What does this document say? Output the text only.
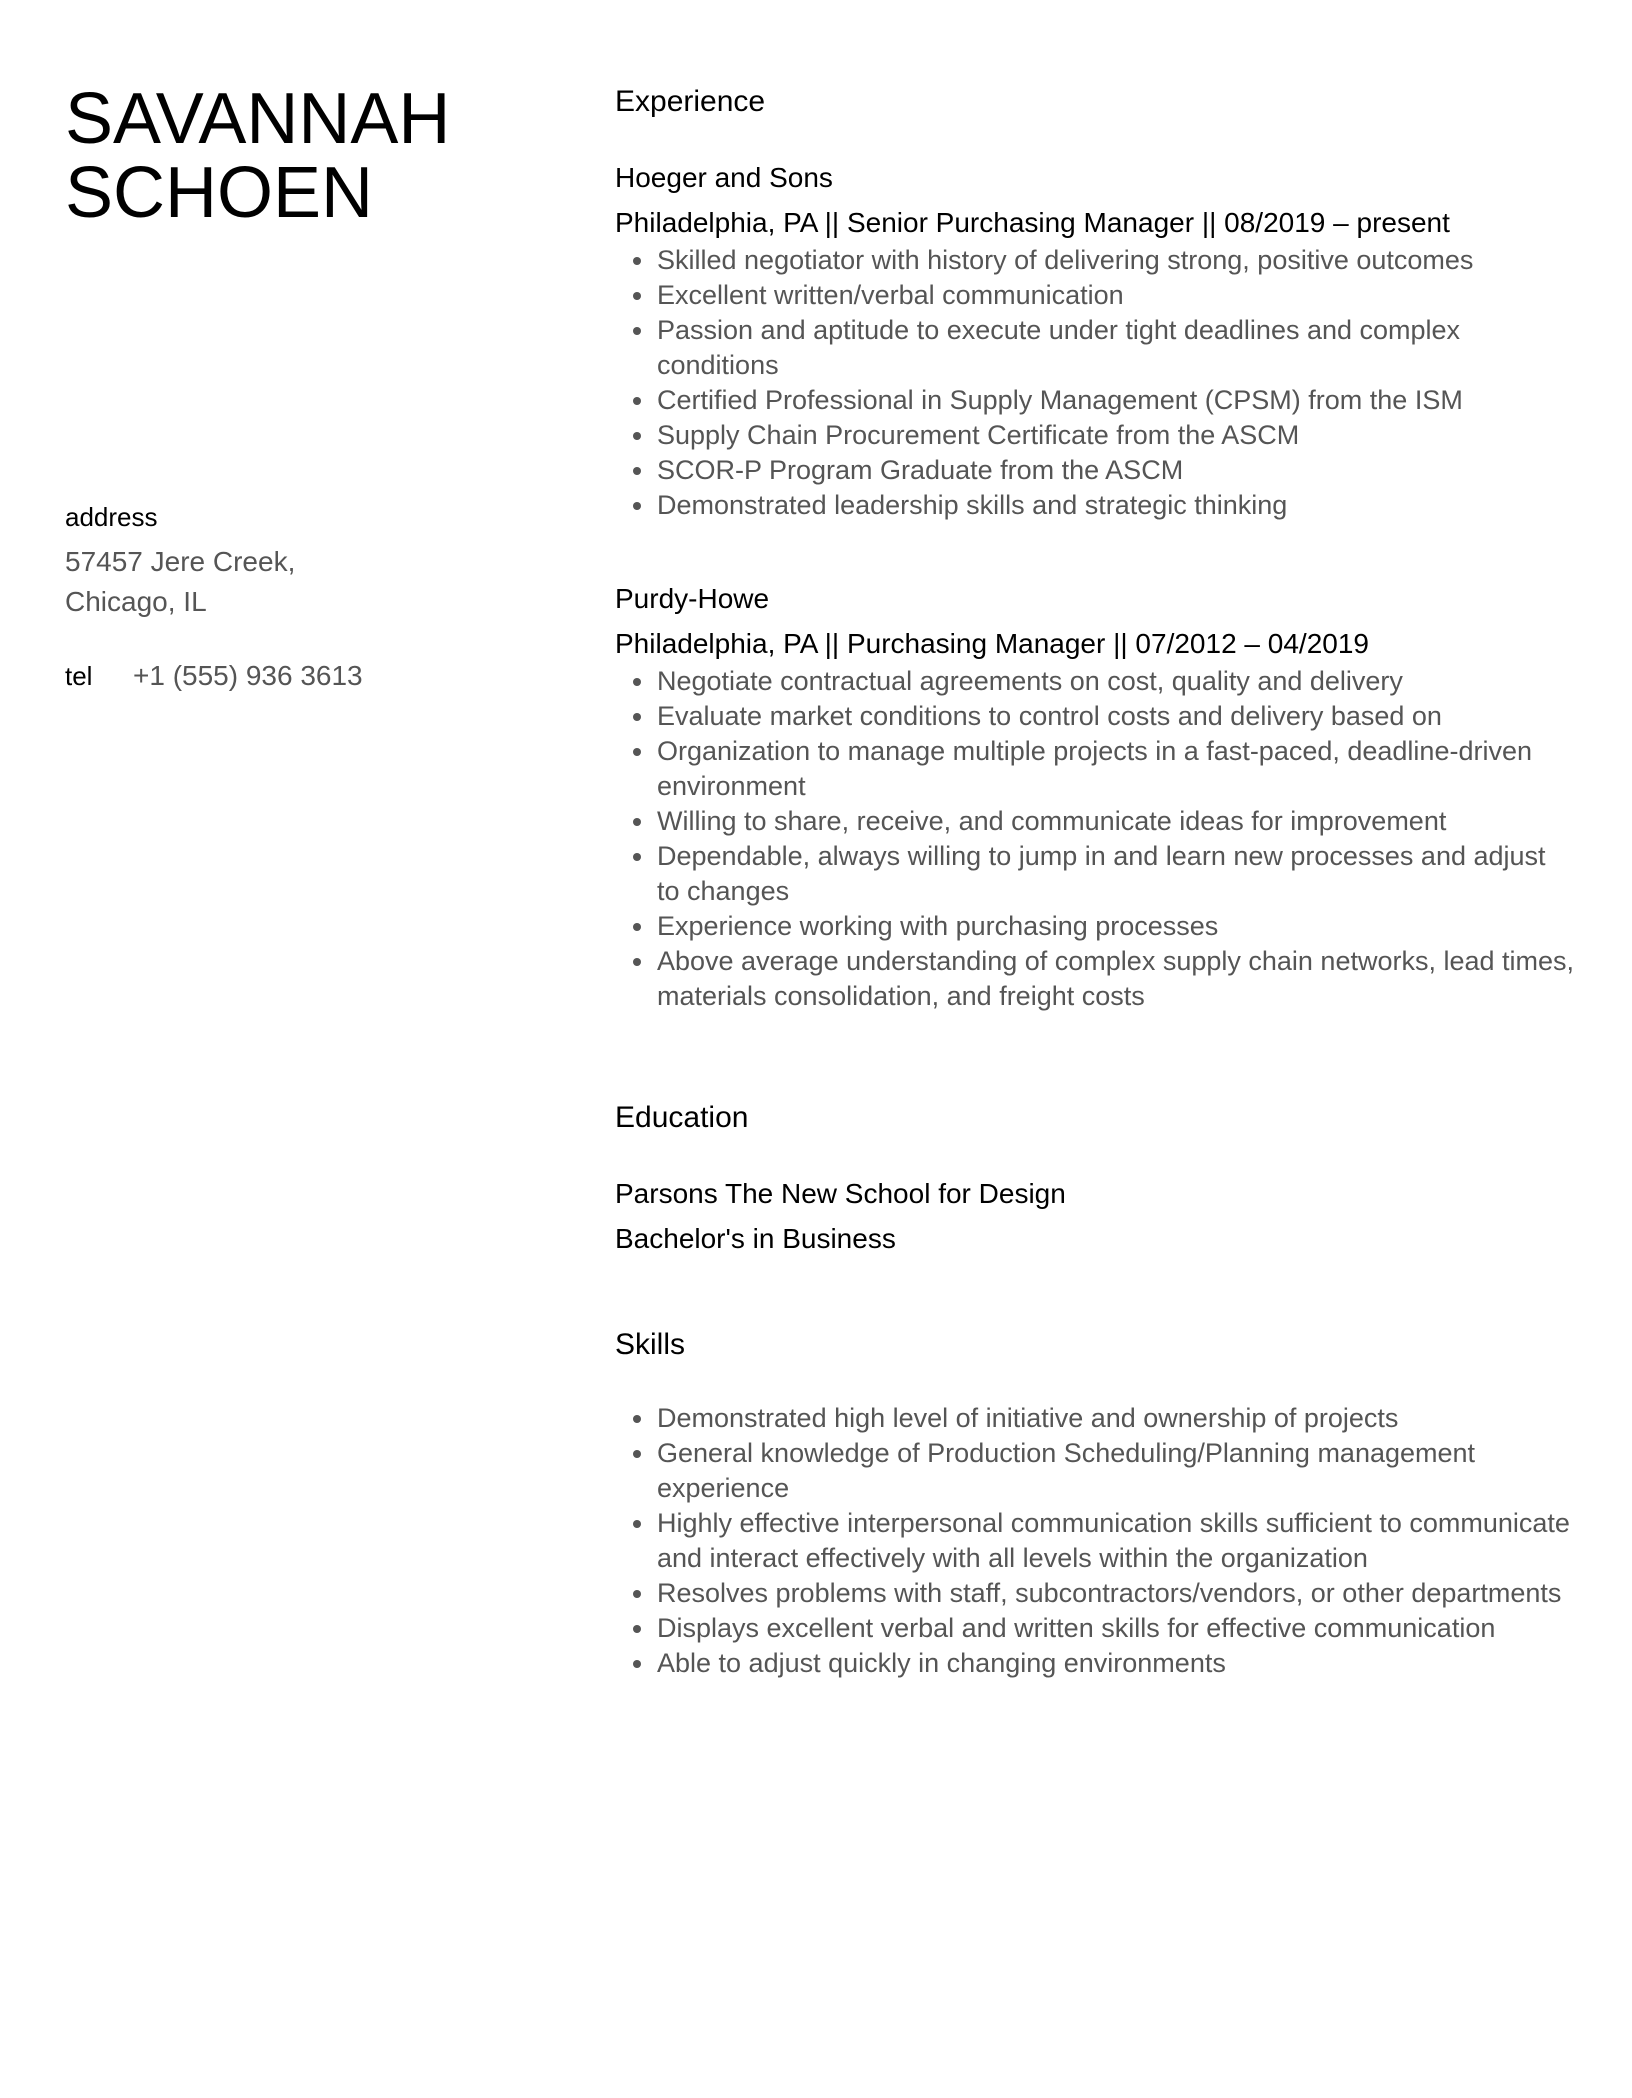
SAVANNAH
SCHOEN
address
57457 Jere Creek,
Chicago, IL
tel	+1 (555) 936 3613
Experience
Hoeger and Sons
Philadelphia, PA || Senior Purchasing Manager || 08/2019 – present
Skilled negotiator with history of delivering strong, positive outcomes
Excellent written/verbal communication
Passion and aptitude to execute under tight deadlines and complex conditions
Certified Professional in Supply Management (CPSM) from the ISM
Supply Chain Procurement Certificate from the ASCM
SCOR-P Program Graduate from the ASCM
Demonstrated leadership skills and strategic thinking
Purdy-Howe
Philadelphia, PA || Purchasing Manager || 07/2012 – 04/2019
Negotiate contractual agreements on cost, quality and delivery
Evaluate market conditions to control costs and delivery based on
Organization to manage multiple projects in a fast-paced, deadline-driven environment
Willing to share, receive, and communicate ideas for improvement
Dependable, always willing to jump in and learn new processes and adjust to changes
Experience working with purchasing processes
Above average understanding of complex supply chain networks, lead times, materials consolidation, and freight costs
Education
Parsons The New School for Design
Bachelor's in Business
Skills
Demonstrated high level of initiative and ownership of projects
General knowledge of Production Scheduling/Planning management experience
Highly effective interpersonal communication skills sufficient to communicate and interact effectively with all levels within the organization
Resolves problems with staff, subcontractors/vendors, or other departments
Displays excellent verbal and written skills for effective communication
Able to adjust quickly in changing environments
